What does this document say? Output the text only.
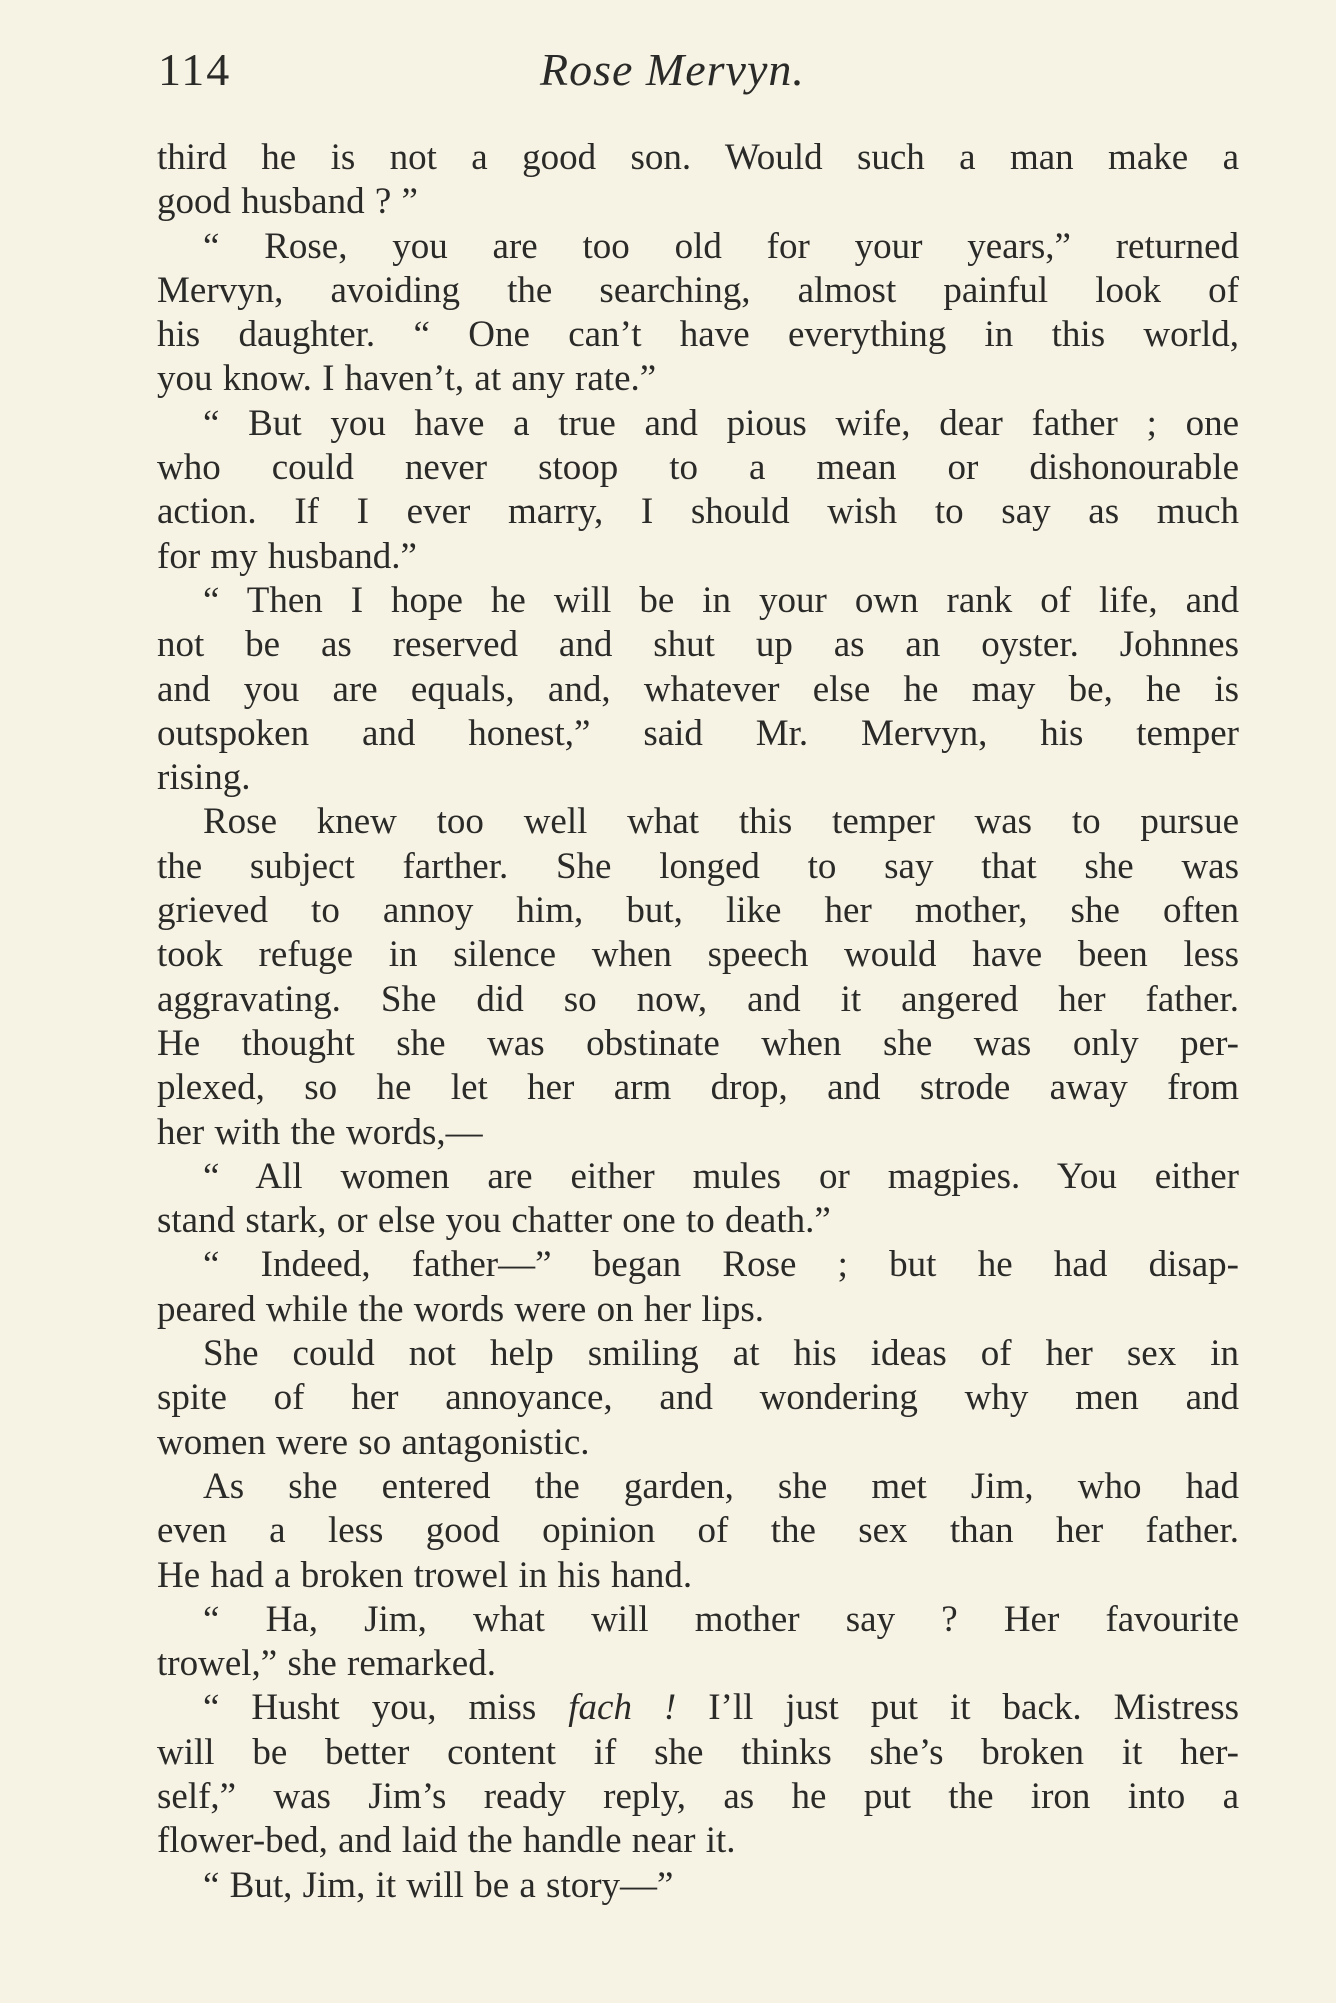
114	Rose Mervyn.
third he is not a good son. Would such a man make a
good husband ? ”
“ Rose, you are too old for your years,” returned
Mervyn, avoiding the searching, almost painful look of
his daughter. “ One can’t have everything in this world,
you know. I haven’t, at any rate.”
“ But you have a true and pious wife, dear father ; one
who could never stoop to a mean or dishonourable
action. If I ever marry, I should wish to say as much
for my husband.”
“ Then I hope he will be in your own rank of life, and
not be as reserved and shut up as an oyster. Johnnes
and you are equals, and, whatever else he may be, he is
outspoken and honest,” said Mr. Mervyn, his temper
rising.
Rose knew too well what this temper was to pursue
the subject farther. She longed to say that she was
grieved to annoy him, but, like her mother, she often
took refuge in silence when speech would have been less
aggravating. She did so now, and it angered her father.
He thought she was obstinate when she was only per-
plexed, so he let her arm drop, and strode away from
her with the words,—
“ All women are either mules or magpies. You either
stand stark, or else you chatter one to death.”
“ Indeed, father—” began Rose ; but he had disap-
peared while the words were on her lips.
She could not help smiling at his ideas of her sex in
spite of her annoyance, and wondering why men and
women were so antagonistic.
As she entered the garden, she met Jim, who had
even a less good opinion of the sex than her father.
He had a broken trowel in his hand.
“ Ha, Jim, what will mother say ? Her favourite
trowel,” she remarked.
“ Husht you, miss fach ! I’ll just put it back. Mistress
will be better content if she thinks she’s broken it her-
self,” was Jim’s ready reply, as he put the iron into a
flower-bed, and laid the handle near it.
“ But, Jim, it will be a story—”
